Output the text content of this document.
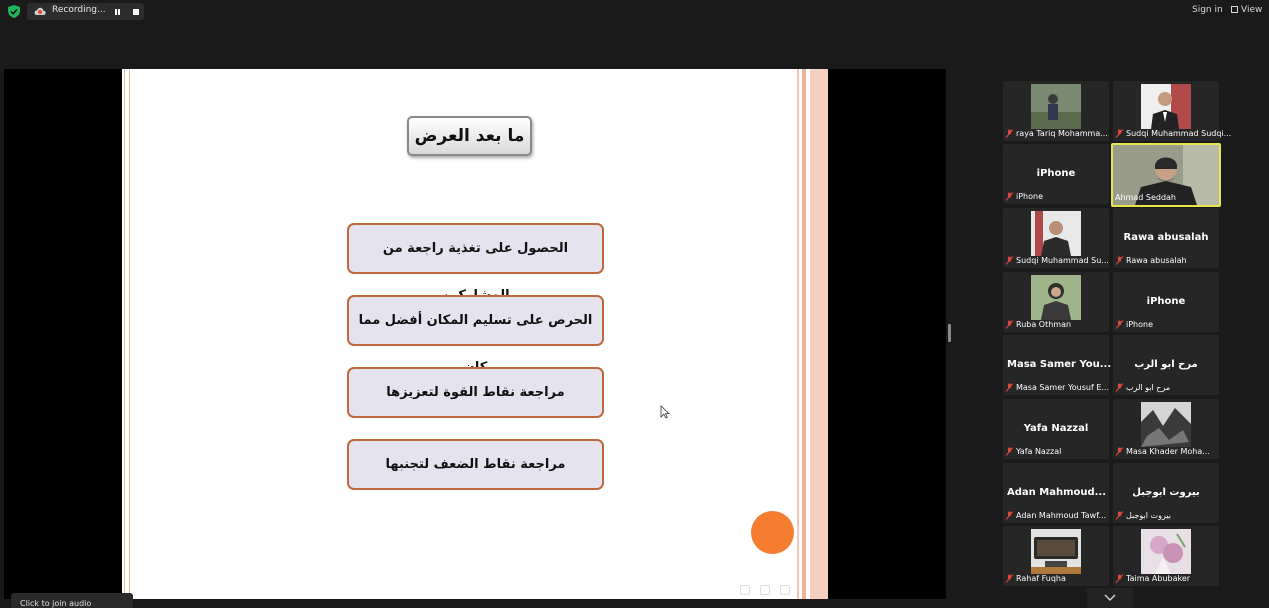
Recording...	Sign in	View
ما بعد العرض
الحصول على تغذية راجعة من
الحرص على تسليم المكان أفضل مما
مراجعة نقاط القوة لتعزيزها
مراجعة نقاط الضعف لتجنبها
raya Tariq Mohamma... Sudqi Muhammad Sudqi...
iPhone
iPhone	Ahmad Seddah
Sudqi Muhammad Su...
Rawa abusalah
Rawa abusalah
Ruba Othman
iPhone
iPhone
Masa Samer You...
Masa Samer Yousuf E...
مرح ابو الرب
مرح ابو الرب
Yafa Nazzal
Yafa Nazzal	Masa Khader Moha...
Adan Mahmoud...
Adan Mahmoud Tawf...
بيروت ابوجبل
بيروت ابوجبل
Rahaf Fuqha	Taima Abubaker
Click to join audio
